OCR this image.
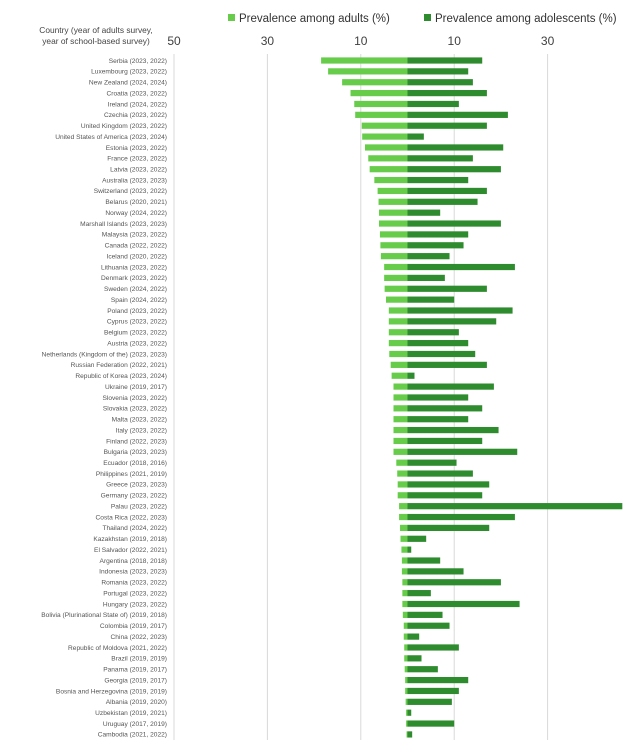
Country (year of adults survey,
year of school-based survey)
Prevalence among adults (%)	Prevalence among adolescents (%)
50	30	10	10	30
Serbia (2023, 2022)
Luxembourg (2023, 2022)
New Zealand (2024, 2024)
Croatia (2023, 2022)
Ireland (2024, 2022)
Czechia (2023, 2022)
United Kingdom (2023, 2022)
United States of America (2023, 2024)
Estonia (2023, 2022)
France (2023, 2022)
Latvia (2023, 2022)
Australia (2023, 2023)
Switzerland (2023, 2022)
Belarus (2020, 2021)
Norway (2024, 2022)
Marshall Islands (2023, 2023)
Malaysia (2023, 2022)
Canada (2022, 2022)
Iceland (2020, 2022)
Lithuania (2023, 2022)
Denmark (2023, 2022)
Sweden (2024, 2022)
Spain (2024, 2022)
Poland (2023, 2022)
Cyprus (2023, 2022)
Belgium (2023, 2022)
Austria (2023, 2022)
Netherlands (Kingdom of the) (2023, 2023)
Russian Federation (2022, 2021)
Republic of Korea (2023, 2024)
Ukraine (2019, 2017)
Slovenia (2023, 2022)
Slovakia (2023, 2022)
Malta (2023, 2022)
Italy (2023, 2022)
Finland (2022, 2023)
Bulgaria (2023, 2023)
Ecuador (2018, 2016)
Philippines (2021, 2019)
Greece (2023, 2023)
Germany (2023, 2022)
Palau (2023, 2022)
Costa Rica (2022, 2023)
Thailand (2024, 2022)
Kazakhstan (2019, 2018)
El Salvador (2022, 2021)
Argentina (2018, 2018)
Indonesia (2023, 2023)
Romania (2023, 2022)
Portugal (2023, 2022)
Hungary (2023, 2022)
Bolivia (Plurinational State of) (2019, 2018)
Colombia (2019, 2017)
China (2022, 2023)
Republic of Moldova (2021, 2022)
Brazil (2019, 2019)
Panama (2019, 2017)
Georgia (2019, 2017)
Bosnia and Herzegovina (2019, 2019)
Albania (2019, 2020)
Uzbekistan (2019, 2021)
Uruguay (2017, 2019)
Cambodia (2021, 2022)
